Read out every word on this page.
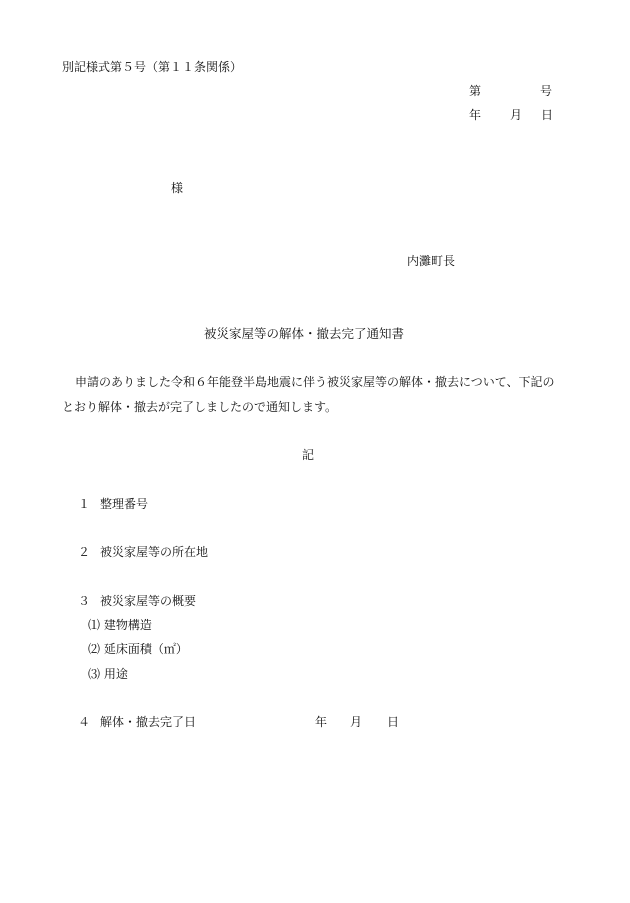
別記様式第５号（第１１条関係）
第	号
年 月 日
様
内灘町長
被災家屋等の解体・撤去完了通知書
申請のありました令和６年能登半島地震に伴う被災家屋等の解体・撤去について、下記の
とおり解体・撤去が完了しましたので通知します。
記
１ 整理番号
２ 被災家屋等の所在地
３ 被災家屋等の概要
⑴ 建物構造
⑵ 延床面積（㎡）
⑶ 用途
４ 解体・撤去完了日	年 月 日
